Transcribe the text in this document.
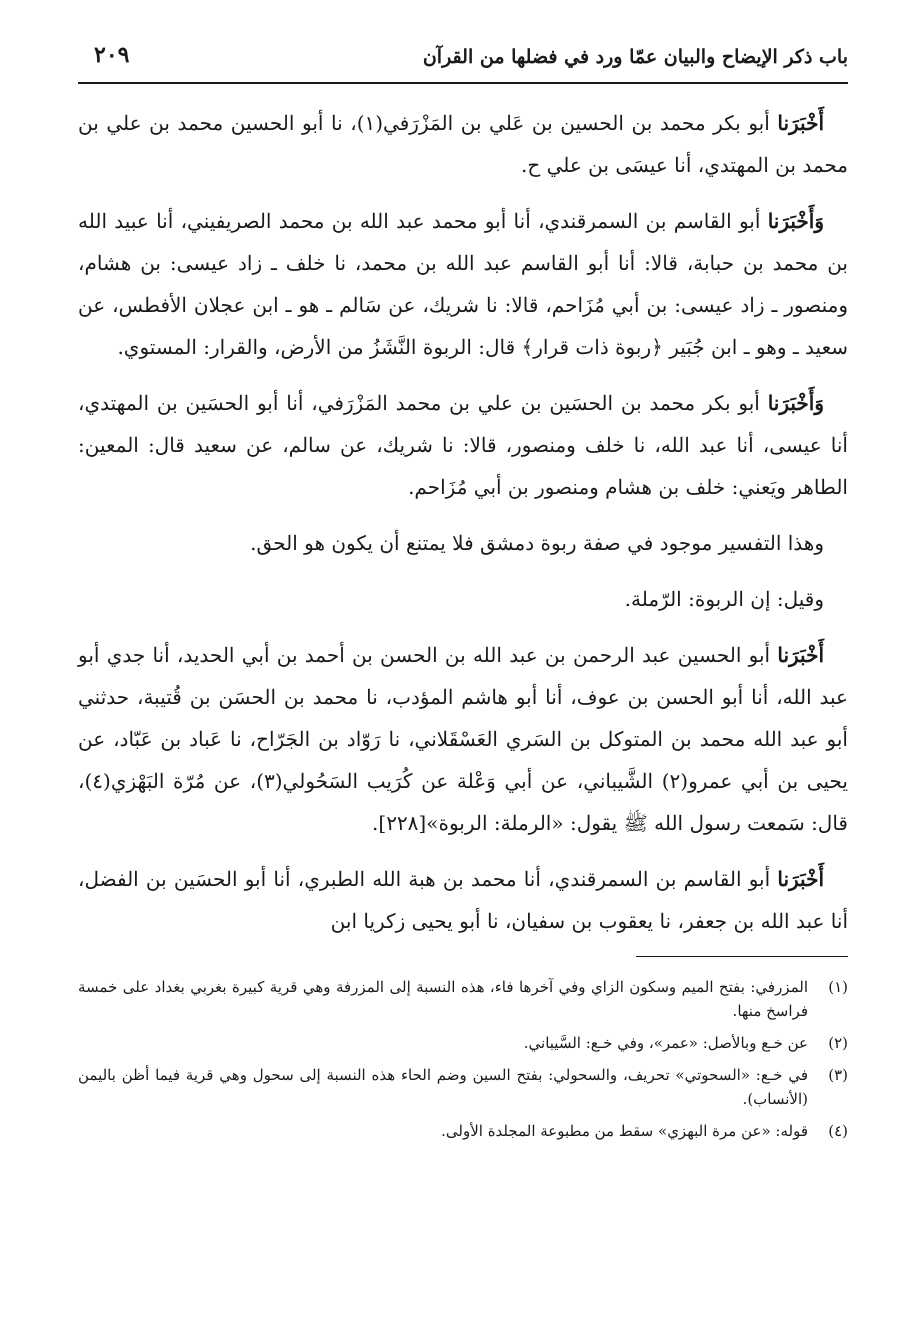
باب ذكر الإيضاح والبيان عمّا ورد في فضلها من القرآن
٢٠٩

أَخْبَرَنا أبو بكر محمد بن الحسين بن عَلي بن المَزْرَفي(١)، نا أبو الحسين محمد بن علي بن محمد بن المهتدي، أنا عيسَى بن علي ح.

وَأَخْبَرَنا أبو القاسم بن السمرقندي، أنا أبو محمد عبد الله بن محمد الصريفيني، أنا عبيد الله بن محمد بن حبابة، قالا: أنا أبو القاسم عبد الله بن محمد، نا خلف ـ زاد عيسى: بن هشام، ومنصور ـ زاد عيسى: بن أبي مُزَاحم، قالا: نا شريك، عن سَالم ـ هو ـ ابن عجلان الأفطس، عن سعيد ـ وهو ـ ابن جُبَير ﴿ربوة ذات قرار﴾ قال: الربوة النَّشَزُ من الأرض، والقرار: المستوي.

وَأَخْبَرَنا أبو بكر محمد بن الحسَين بن علي بن محمد المَزْرَفي، أنا أبو الحسَين بن المهتدي، أنا عيسى، أنا عبد الله، نا خلف ومنصور، قالا: نا شريك، عن سالم، عن سعيد قال: المعين: الطاهر ويَعني: خلف بن هشام ومنصور بن أبي مُزَاحم.

وهذا التفسير موجود في صفة ربوة دمشق فلا يمتنع أن يكون هو الحق.

وقيل: إن الربوة: الرّملة.

أَخْبَرَنا أبو الحسين عبد الرحمن بن عبد الله بن الحسن بن أحمد بن أبي الحديد، أنا جدي أبو عبد الله، أنا أبو الحسن بن عوف، أنا أبو هاشم المؤدب، نا محمد بن الحسَن بن قُتيبة، حدثني أبو عبد الله محمد بن المتوكل بن السَري العَسْقَلاني، نا رَوّاد بن الجَرّاح، نا عَباد بن عَبّاد، عن يحيى بن أبي عمرو(٢) الشَّيباني، عن أبي وَعْلة عن كُرَيب السَحُولي(٣)، عن مُرّة البَهْزي(٤)، قال: سَمعت رسول الله ﷺ يقول: «الرملة: الربوة»[٢٢٨].

أَخْبَرَنا أبو القاسم بن السمرقندي، أنا محمد بن هبة الله الطبري، أنا أبو الحسَين بن الفضل، أنا عبد الله بن جعفر، نا يعقوب بن سفيان، نا أبو يحيى زكريا ابن

(١)
المزرفي: بفتح الميم وسكون الزاي وفي آخرها فاء، هذه النسبة إلى المزرفة وهي قرية كبيرة بغربي بغداد على خمسة فراسخ منها.
(٢)
عن خـع وبالأصل: «عمر»، وفي خـع: السَّيباني.
(٣)
في خـع: «السحوتي» تحريف، والسحولي: بفتح السين وضم الحاء هذه النسبة إلى سحول وهي قرية فيما أظن باليمن (الأنساب).
(٤)
قوله: «عن مرة البهزي» سقط من مطبوعة المجلدة الأولى.
